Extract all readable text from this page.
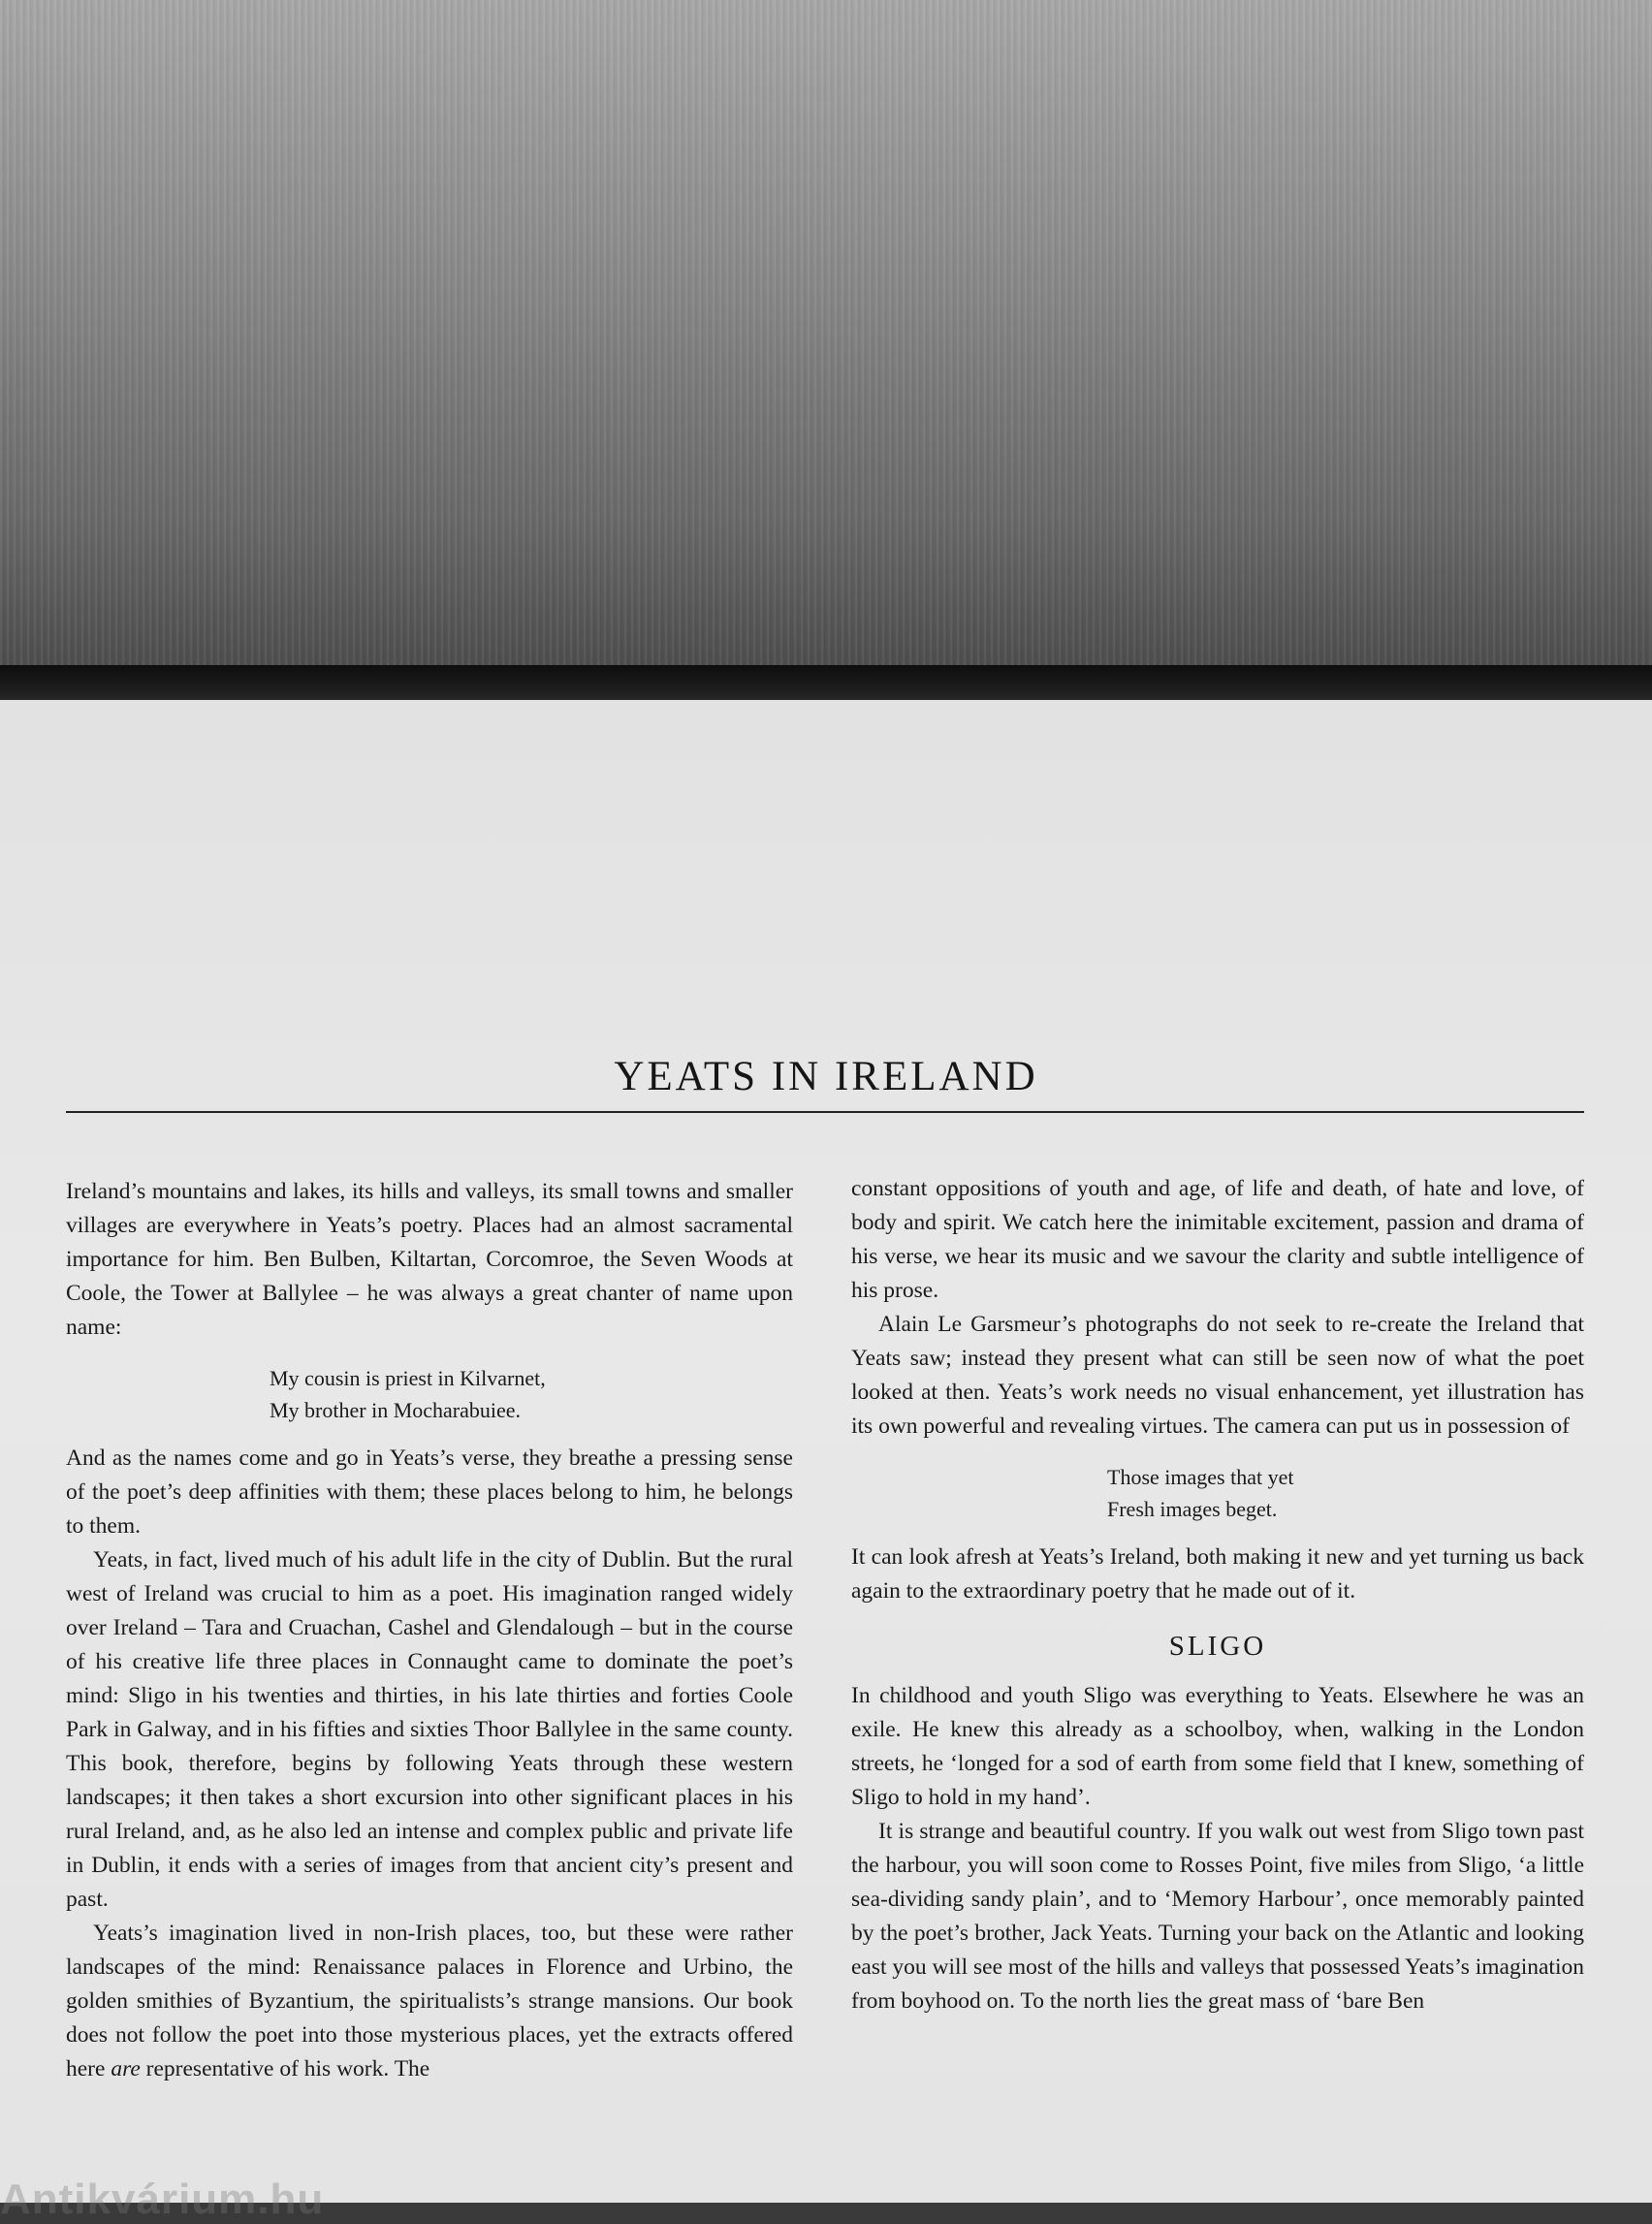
YEATS IN IRELAND

Ireland’s mountains and lakes, its hills and valleys, its small towns and smaller villages are everywhere in Yeats’s poetry. Places had an almost sacramental importance for him. Ben Bulben, Kiltartan, Corcomroe, the Seven Woods at Coole, the Tower at Ballylee – he was always a great chanter of name upon name:

My cousin is priest in Kilvarnet,
My brother in Mocharabuiee.

And as the names come and go in Yeats’s verse, they breathe a pressing sense of the poet’s deep affinities with them; these places belong to him, he belongs to them.

Yeats, in fact, lived much of his adult life in the city of Dublin. But the rural west of Ireland was crucial to him as a poet. His imagination ranged widely over Ireland – Tara and Cruachan, Cashel and Glendalough – but in the course of his creative life three places in Connaught came to dominate the poet’s mind: Sligo in his twenties and thirties, in his late thirties and forties Coole Park in Galway, and in his fifties and sixties Thoor Ballylee in the same county. This book, therefore, begins by following Yeats through these western landscapes; it then takes a short excursion into other significant places in his rural Ireland, and, as he also led an intense and complex public and private life in Dublin, it ends with a series of images from that ancient city’s present and past.

Yeats’s imagination lived in non-Irish places, too, but these were rather landscapes of the mind: Renaissance palaces in Florence and Urbino, the golden smithies of Byzantium, the spiritualists’s strange mansions. Our book does not follow the poet into those mysterious places, yet the extracts offered here are representative of his work. The

constant oppositions of youth and age, of life and death, of hate and love, of body and spirit. We catch here the inimitable excitement, passion and drama of his verse, we hear its music and we savour the clarity and subtle intelligence of his prose.

Alain Le Garsmeur’s photographs do not seek to re-create the Ireland that Yeats saw; instead they present what can still be seen now of what the poet looked at then. Yeats’s work needs no visual enhancement, yet illustration has its own powerful and revealing virtues. The camera can put us in possession of

Those images that yet
Fresh images beget.

It can look afresh at Yeats’s Ireland, both making it new and yet turning us back again to the extraordinary poetry that he made out of it.

SLIGO

In childhood and youth Sligo was everything to Yeats. Elsewhere he was an exile. He knew this already as a schoolboy, when, walking in the London streets, he ‘longed for a sod of earth from some field that I knew, something of Sligo to hold in my hand’.

It is strange and beautiful country. If you walk out west from Sligo town past the harbour, you will soon come to Rosses Point, five miles from Sligo, ‘a little sea-dividing sandy plain’, and to ‘Memory Harbour’, once memorably painted by the poet’s brother, Jack Yeats. Turning your back on the Atlantic and looking east you will see most of the hills and valleys that possessed Yeats’s imagination from boyhood on. To the north lies the great mass of ‘bare Ben

Antikvárium.hu
